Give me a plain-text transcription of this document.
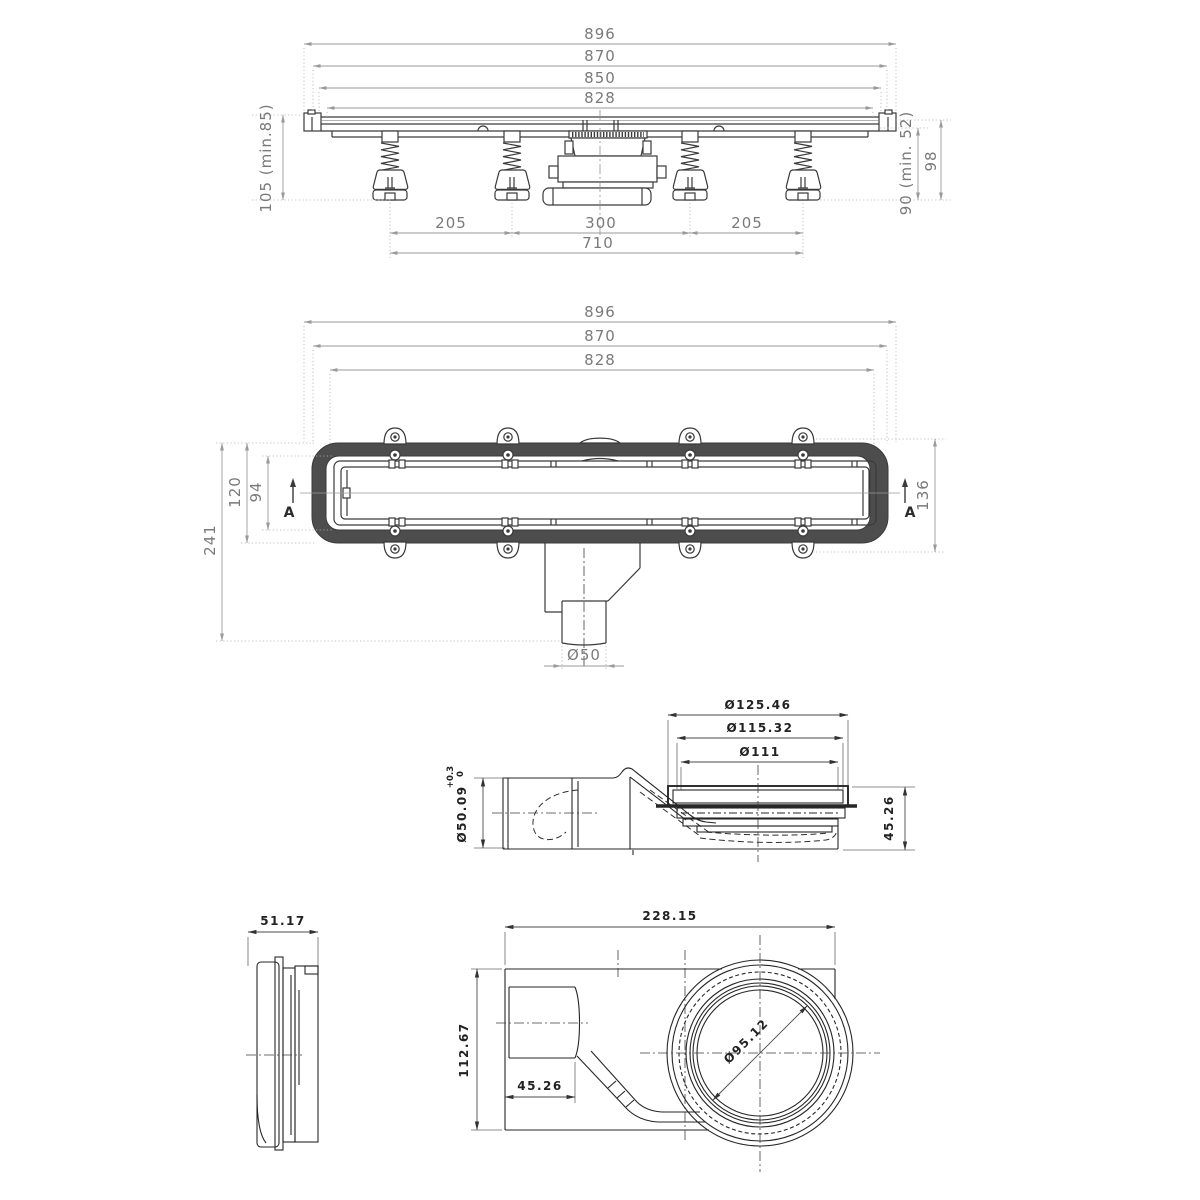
896
870
850
828
105 (min.85)	90 (min. 52) 98
205	300	205
710
896
870
828
Ø50
241
120 94	136
A	A
Ø125.46
Ø115.32
Ø111
Ø50.09
+0.3 0
45.26
51.17	228.15
112.67
45.26
Ø95.12
